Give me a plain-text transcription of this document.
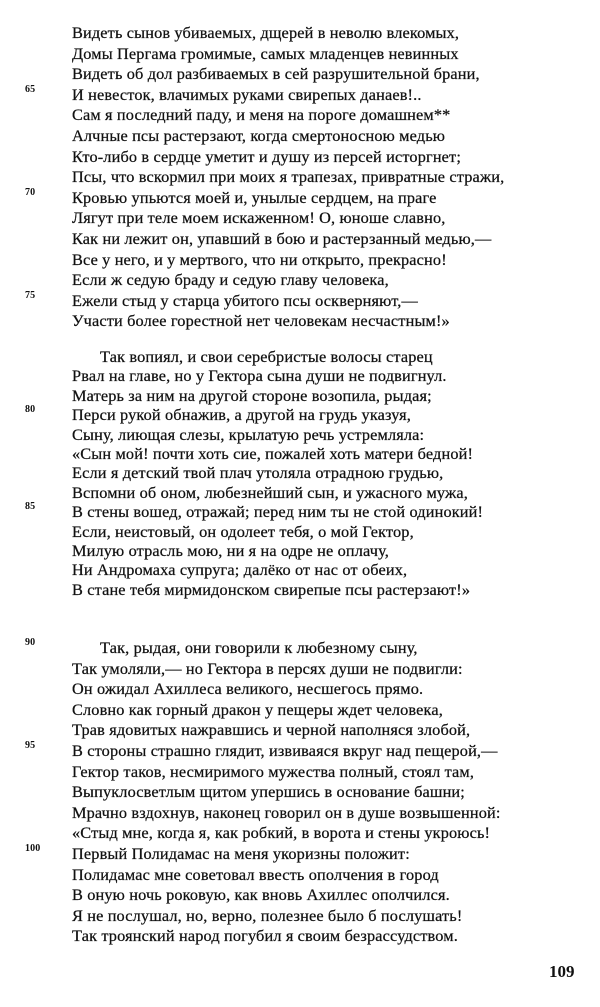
Видеть сынов убиваемых, дщерей в неволю влекомых,
Домы Пергама громимые, самых младенцев невинных
Видеть об дол разбиваемых в сей разрушительной брани,
И невесток, влачимых руками свирепых данаев!..
65
Сам я последний паду, и меня на пороге домашнем**
Алчные псы растерзают, когда смертоносною медью
Кто-либо в сердце уметит и душу из персей исторгнет;
Псы, что вскормил при моих я трапезах, привратные стражи,
Кровью упьются моей и, унылые сердцем, на праге
70
Лягут при теле моем искаженном! О, юноше славно,
Как ни лежит он, упавший в бою и растерзанный медью,—
Все у него, и у мертвого, что ни открыто, прекрасно!
Если ж седую браду и седую главу человека,
Ежели стыд у старца убитого псы оскверняют,—
75
Участи более горестной нет человекам несчастным!»
Так вопиял, и свои серебристые волосы старец
Рвал на главе, но у Гектора сына души не подвигнул.
Матерь за ним на другой стороне возопила, рыдая;
Перси рукой обнажив, а другой на грудь указуя,
80
Сыну, лиющая слезы, крылатую речь устремляла:
«Сын мой! почти хоть сие, пожалей хоть матери бедной!
Если я детский твой плач утоляла отрадною грудью,
Вспомни об оном, любезнейший сын, и ужасного мужа,
В стены вошед, отражай; перед ним ты не стой одинокий!
85
Если, неистовый, он одолеет тебя, о мой Гектор,
Милую отрасль мою, ни я на одре не оплачу,
Ни Андромаха супруга; далёко от нас от обеих,
В стане тебя мирмидонском свирепые псы растерзают!»
Так, рыдая, они говорили к любезному сыну,
90
Так умоляли,— но Гектора в персях души не подвигли:
Он ожидал Ахиллеса великого, несшегось прямо.
Словно как горный дракон у пещеры ждет человека,
Трав ядовитых нажравшись и черной наполняся злобой,
В стороны страшно глядит, извиваяся вкруг над пещерой,—
95
Гектор таков, несмиримого мужества полный, стоял там,
Выпуклосветлым щитом упершись в основание башни;
Мрачно вздохнув, наконец говорил он в душе возвышенной:
«Стыд мне, когда я, как робкий, в ворота и стены укроюсь!
Первый Полидамас на меня укоризны положит:
100
Полидамас мне советовал ввесть ополчения в город
В оную ночь роковую, как вновь Ахиллес ополчился.
Я не послушал, но, верно, полезнее было б послушать!
Так троянский народ погубил я своим безрассудством.
109
